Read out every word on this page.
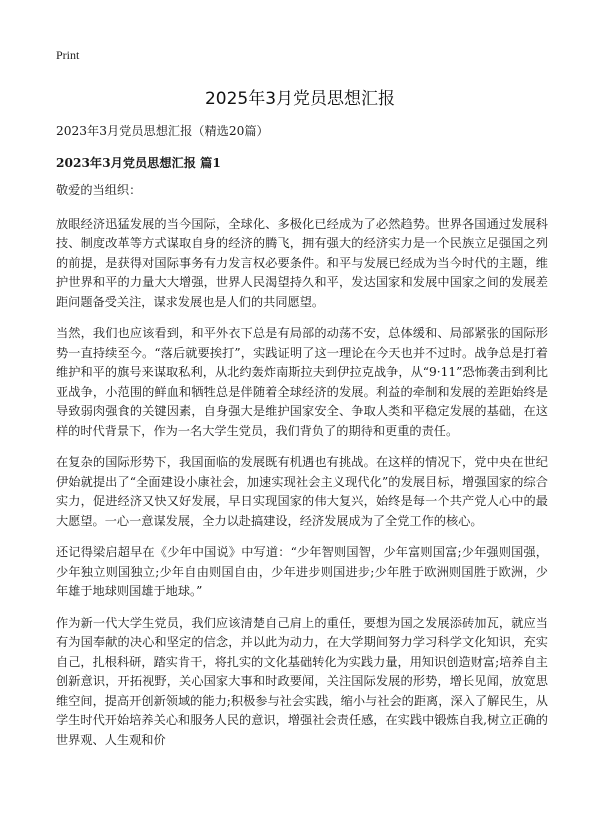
Print
2025年3月党员思想汇报

2023年3月党员思想汇报（精选20篇）

2023年3月党员思想汇报 篇1

敬爱的当组织：

放眼经济迅猛发展的当今国际，全球化、多极化已经成为了必然趋势。世界各国通过发展科技、制度改革等方式谋取自身的经济的腾飞，拥有强大的经济实力是一个民族立足强国之列的前提，是获得对国际事务有力发言权必要条件。和平与发展已经成为当今时代的主题，维护世界和平的力量大大增强，世界人民渴望持久和平，发达国家和发展中国家之间的发展差距问题备受关注，谋求发展也是人们的共同愿望。

当然，我们也应该看到，和平外衣下总是有局部的动荡不安，总体缓和、局部紧张的国际形势一直持续至今。“落后就要挨打”，实践证明了这一理论在今天也并不过时。战争总是打着维护和平的旗号来谋取私利，从北约轰炸南斯拉夫到伊拉克战争，从“9·11”恐怖袭击到利比亚战争，小范围的鲜血和牺牲总是伴随着全球经济的发展。利益的牵制和发展的差距始终是导致弱肉强食的关键因素，自身强大是维护国家安全、争取人类和平稳定发展的基础，在这样的时代背景下，作为一名大学生党员，我们背负了的期待和更重的责任。

在复杂的国际形势下，我国面临的发展既有机遇也有挑战。在这样的情况下，党中央在世纪伊始就提出了“全面建设小康社会，加速实现社会主义现代化”的发展目标，增强国家的综合实力，促进经济又快又好发展，早日实现国家的伟大复兴，始终是每一个共产党人心中的最大愿望。一心一意谋发展，全力以赴搞建设，经济发展成为了全党工作的核心。

还记得梁启超早在《少年中国说》中写道：“少年智则国智，少年富则国富;少年强则国强，少年独立则国独立;少年自由则国自由，少年进步则国进步;少年胜于欧洲则国胜于欧洲，少年雄于地球则国雄于地球。”

作为新一代大学生党员，我们应该清楚自己肩上的重任，要想为国之发展添砖加瓦，就应当有为国奉献的决心和坚定的信念，并以此为动力，在大学期间努力学习科学文化知识，充实自己，扎根科研，踏实肯干，将扎实的文化基础转化为实践力量，用知识创造财富;培养自主创新意识，开拓视野，关心国家大事和时政要闻，关注国际发展的形势，增长见闻，放宽思维空间，提高开创新领域的能力;积极参与社会实践，缩小与社会的距离，深入了解民生，从学生时代开始培养关心和服务人民的意识，增强社会责任感，在实践中锻炼自我,树立正确的世界观、人生观和价
